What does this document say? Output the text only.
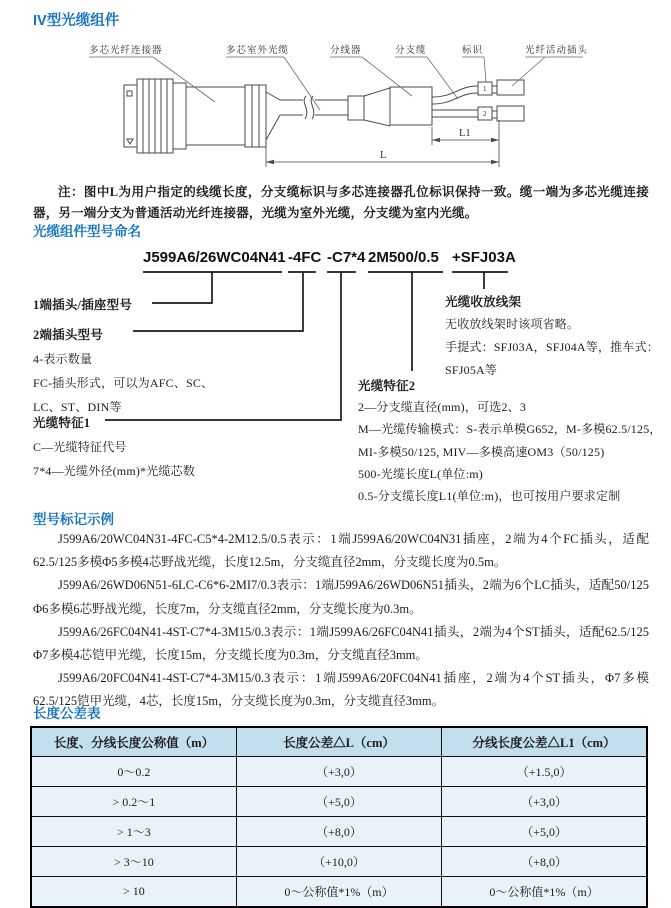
IV型光缆组件
多芯光纤连接器	多芯室外光缆	分线器	分支缆	标识	光纤活动插头
1
2
L1
L
注：图中L为用户指定的线缆长度，分支缆标识与多芯连接器孔位标识保持一致。缆一端为多芯光缆连接器，另一端分支为普通活动光纤连接器，光缆为室外光缆，分支缆为室内光缆。
光缆组件型号命名
J599A6/26WC04N41 -4FC -C7*4 2M500/0.5 +SFJ03A
1端插头/插座型号
2端插头型号
4-表示数量
FC-插头形式，可以为AFC、SC、
LC、ST、DIN等
光缆特征1
C—光缆特征代号
7*4—光缆外径(mm)*光缆芯数
光缆收放线架
无收放线架时该项省略。
手提式：SFJ03A，SFJ04A等，推车式：
SFJ05A等
光缆特征2
2—分支缆直径(mm)，可选2、3
M—光缆传输模式：S-表示单模G652，M-多模62.5/125，
MI-多模50/125, MIV—多模高速OM3（50/125)
500-光缆长度L(单位:m)
0.5-分支缆长度L1(单位:m)，也可按用户要求定制
型号标记示例

J599A6/20WC04N31-4FC-C5*4-2M12.5/0.5表示：1端J599A6/20WC04N31插座，2端为4个FC插头，适配62.5/125多模Φ5多模4芯野战光缆，长度12.5m，分支缆直径2mm，分支缆长度为0.5m。

J599A6/26WD06N51-6LC-C6*6-2MI7/0.3表示：1端J599A6/26WD06N51插头，2端为6个LC插头，适配50/125 Φ6多模6芯野战光缆，长度7m，分支缆直径2mm，分支缆长度为0.3m。

J599A6/26FC04N41-4ST-C7*4-3M15/0.3表示：1端J599A6/26FC04N41插头，2端为4个ST插头，适配62.5/125 Φ7多模4芯铠甲光缆，长度15m，分支缆长度为0.3m，分支缆直径3mm。

J599A6/20FC04N41-4ST-C7*4-3M15/0.3表示：1端J599A6/20FC04N41插座，2端为4个ST插头，Φ7多模62.5/125铠甲光缆，4芯，长度15m，分支缆长度为0.3m，分支缆直径3mm。

长度公差表
长度、分线长度公称值（m）	长度公差△L（cm）	分线长度公差△L1（cm）
0～0.2	（+3,0）	（+1.5,0）
> 0.2～1	（+5,0）	（+3,0）
> 1～3	（+8,0）	（+5,0）
> 3～10	（+10,0）	（+8,0）
> 10	0～公称值*1%（m）	0～公称值*1%（m）
